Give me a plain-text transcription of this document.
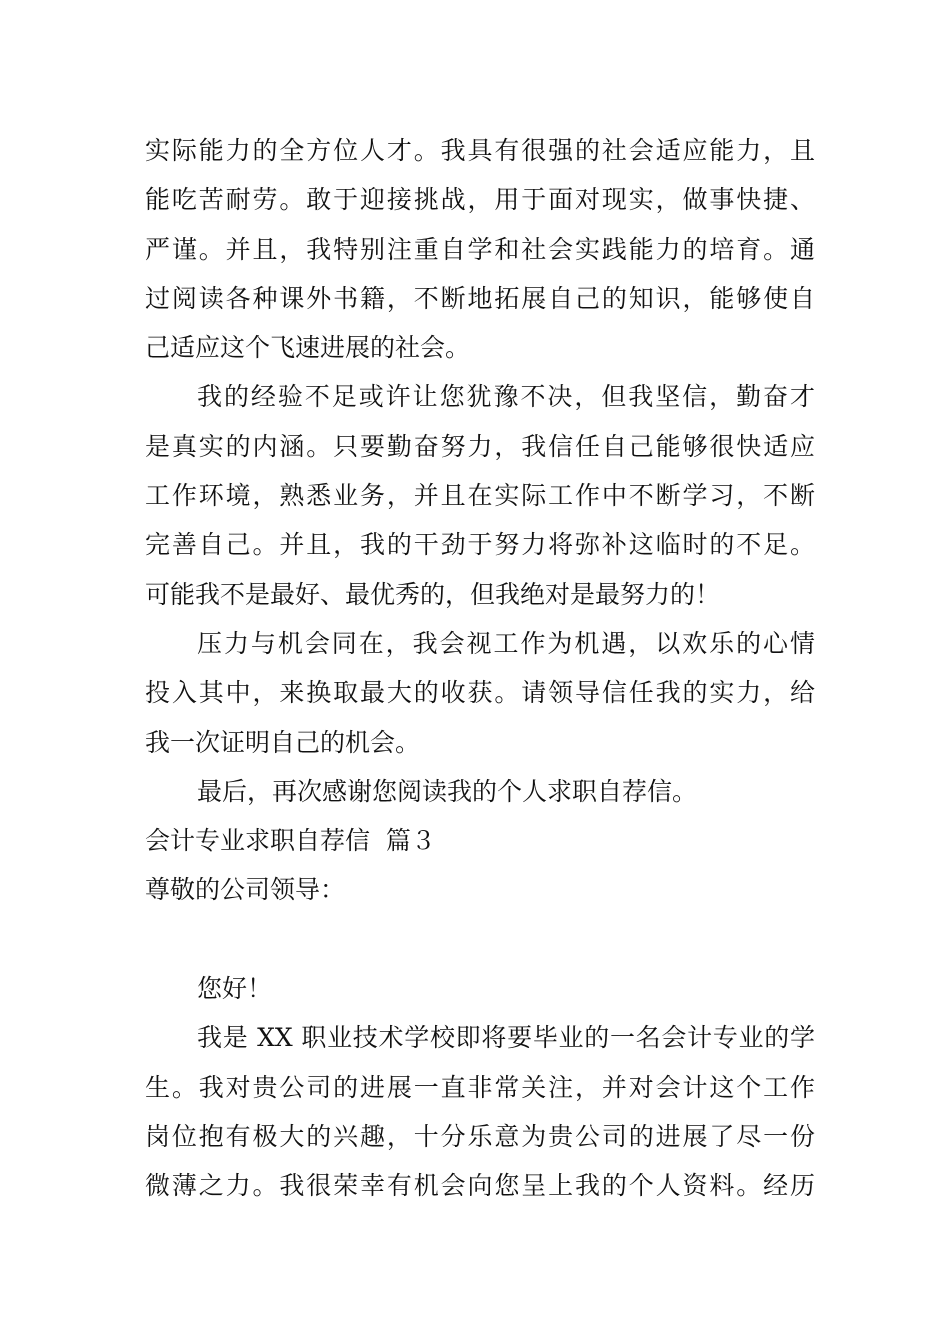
实际能力的全方位人才。我具有很强的社会适应能力，且
能吃苦耐劳。敢于迎接挑战，用于面对现实，做事快捷、
严谨。并且，我特别注重自学和社会实践能力的培育。通
过阅读各种课外书籍，不断地拓展自己的知识，能够使自
己适应这个飞速进展的社会。
我的经验不足或许让您犹豫不决，但我坚信，勤奋才
是真实的内涵。只要勤奋努力，我信任自己能够很快适应
工作环境，熟悉业务，并且在实际工作中不断学习，不断
完善自己。并且，我的干劲于努力将弥补这临时的不足。
可能我不是最好、最优秀的，但我绝对是最努力的！
压力与机会同在，我会视工作为机遇，以欢乐的心情
投入其中，来换取最大的收获。请领导信任我的实力，给
我一次证明自己的机会。
最后，再次感谢您阅读我的个人求职自荐信。
会计专业求职自荐信  篇３
尊敬的公司领导：
您好！
我是 XX 职业技术学校即将要毕业的一名会计专业的学
生。我对贵公司的进展一直非常关注，并对会计这个工作
岗位抱有极大的兴趣，十分乐意为贵公司的进展了尽一份
微薄之力。我很荣幸有机会向您呈上我的个人资料。经历
